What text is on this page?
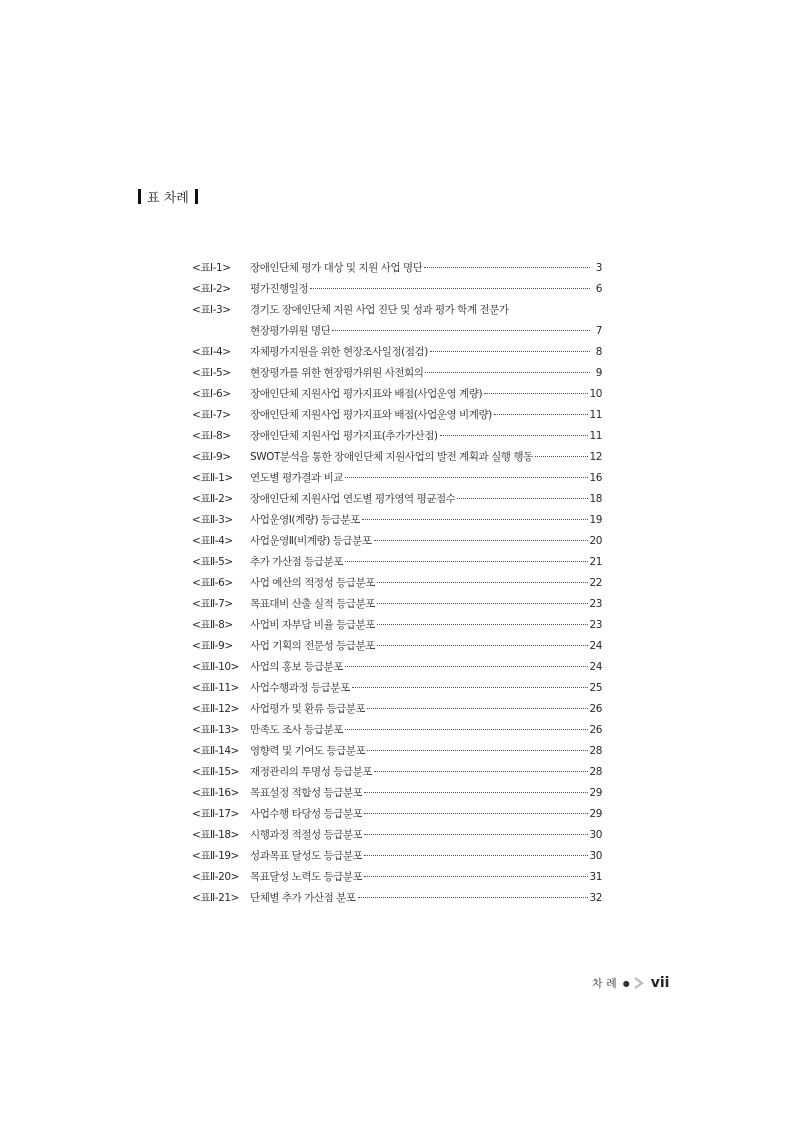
표 차례
<표Ⅰ-1>	장애인단체 평가 대상 및 지원 사업 명단	3
<표Ⅰ-2>	평가진행일정	6
<표Ⅰ-3>	경기도 장애인단체 지원 사업 진단 및 성과 평가 학계 전문가
현장평가위원 명단	7
<표Ⅰ-4>	자체평가지원을 위한 현장조사일정(점검)	8
<표Ⅰ-5>	현장평가를 위한 현장평가위원 사전회의	9
<표Ⅰ-6>	장애인단체 지원사업 평가지표와 배점(사업운영 계량)	10
<표Ⅰ-7>	장애인단체 지원사업 평가지표와 배점(사업운영 비계량)	11
<표Ⅰ-8>	장애인단체 지원사업 평가지표(추가가산점)	11
<표Ⅰ-9>	SWOT분석을 통한 장애인단체 지원사업의 발전 계획과 실행 행동	12
<표Ⅱ-1>	연도별 평가결과 비교	16
<표Ⅱ-2>	장애인단체 지원사업 연도별 평가영역 평균점수	18
<표Ⅱ-3>	사업운영Ⅰ(계량) 등급분포	19
<표Ⅱ-4>	사업운영Ⅱ(비계량) 등급분포	20
<표Ⅱ-5>	추가 가산점 등급분포	21
<표Ⅱ-6>	사업 예산의 적정성 등급분포	22
<표Ⅱ-7>	목표대비 산출 실적 등급분포	23
<표Ⅱ-8>	사업비 자부담 비율 등급분포	23
<표Ⅱ-9>	사업 기획의 전문성 등급분포	24
<표Ⅱ-10>	사업의 홍보 등급분포	24
<표Ⅱ-11>	사업수행과정 등급분포	25
<표Ⅱ-12>	사업평가 및 환류 등급분포	26
<표Ⅱ-13>	만족도 조사 등급분포	26
<표Ⅱ-14>	영향력 및 기여도 등급분포	28
<표Ⅱ-15>	재정관리의 투명성 등급분포	28
<표Ⅱ-16>	목표설정 적합성 등급분포	29
<표Ⅱ-17>	사업수행 타당성 등급분포	29
<표Ⅱ-18>	시행과정 적절성 등급분포	30
<표Ⅱ-19>	성과목표 달성도 등급분포	30
<표Ⅱ-20>	목표달성 노력도 등급분포	31
<표Ⅱ-21>	단체별 추가 가산점 분포	32
차 례 ● vii
